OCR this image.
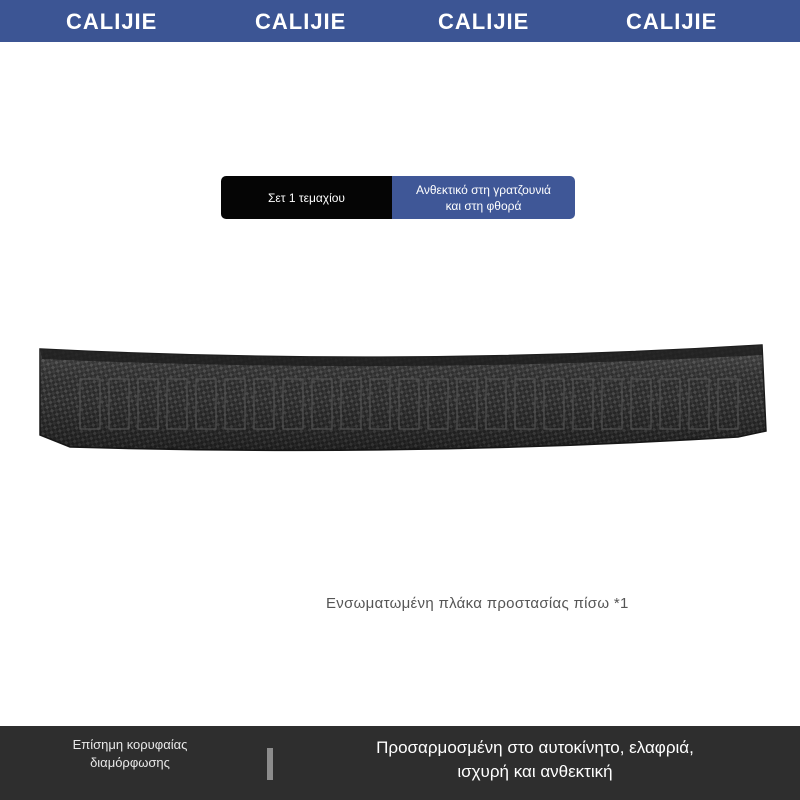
CALIJIE	CALIJIE	CALIJIE	CALIJIE
Σετ 1 τεμαχίου
Ανθεκτικό στη γρατζουνιά
και στη φθορά
Ενσωματωμένη πλάκα προστασίας πίσω *1
Επίσημη κορυφαίας
διαμόρφωσης
Προσαρμοσμένη στο αυτοκίνητο, ελαφριά,
ισχυρή και ανθεκτική
